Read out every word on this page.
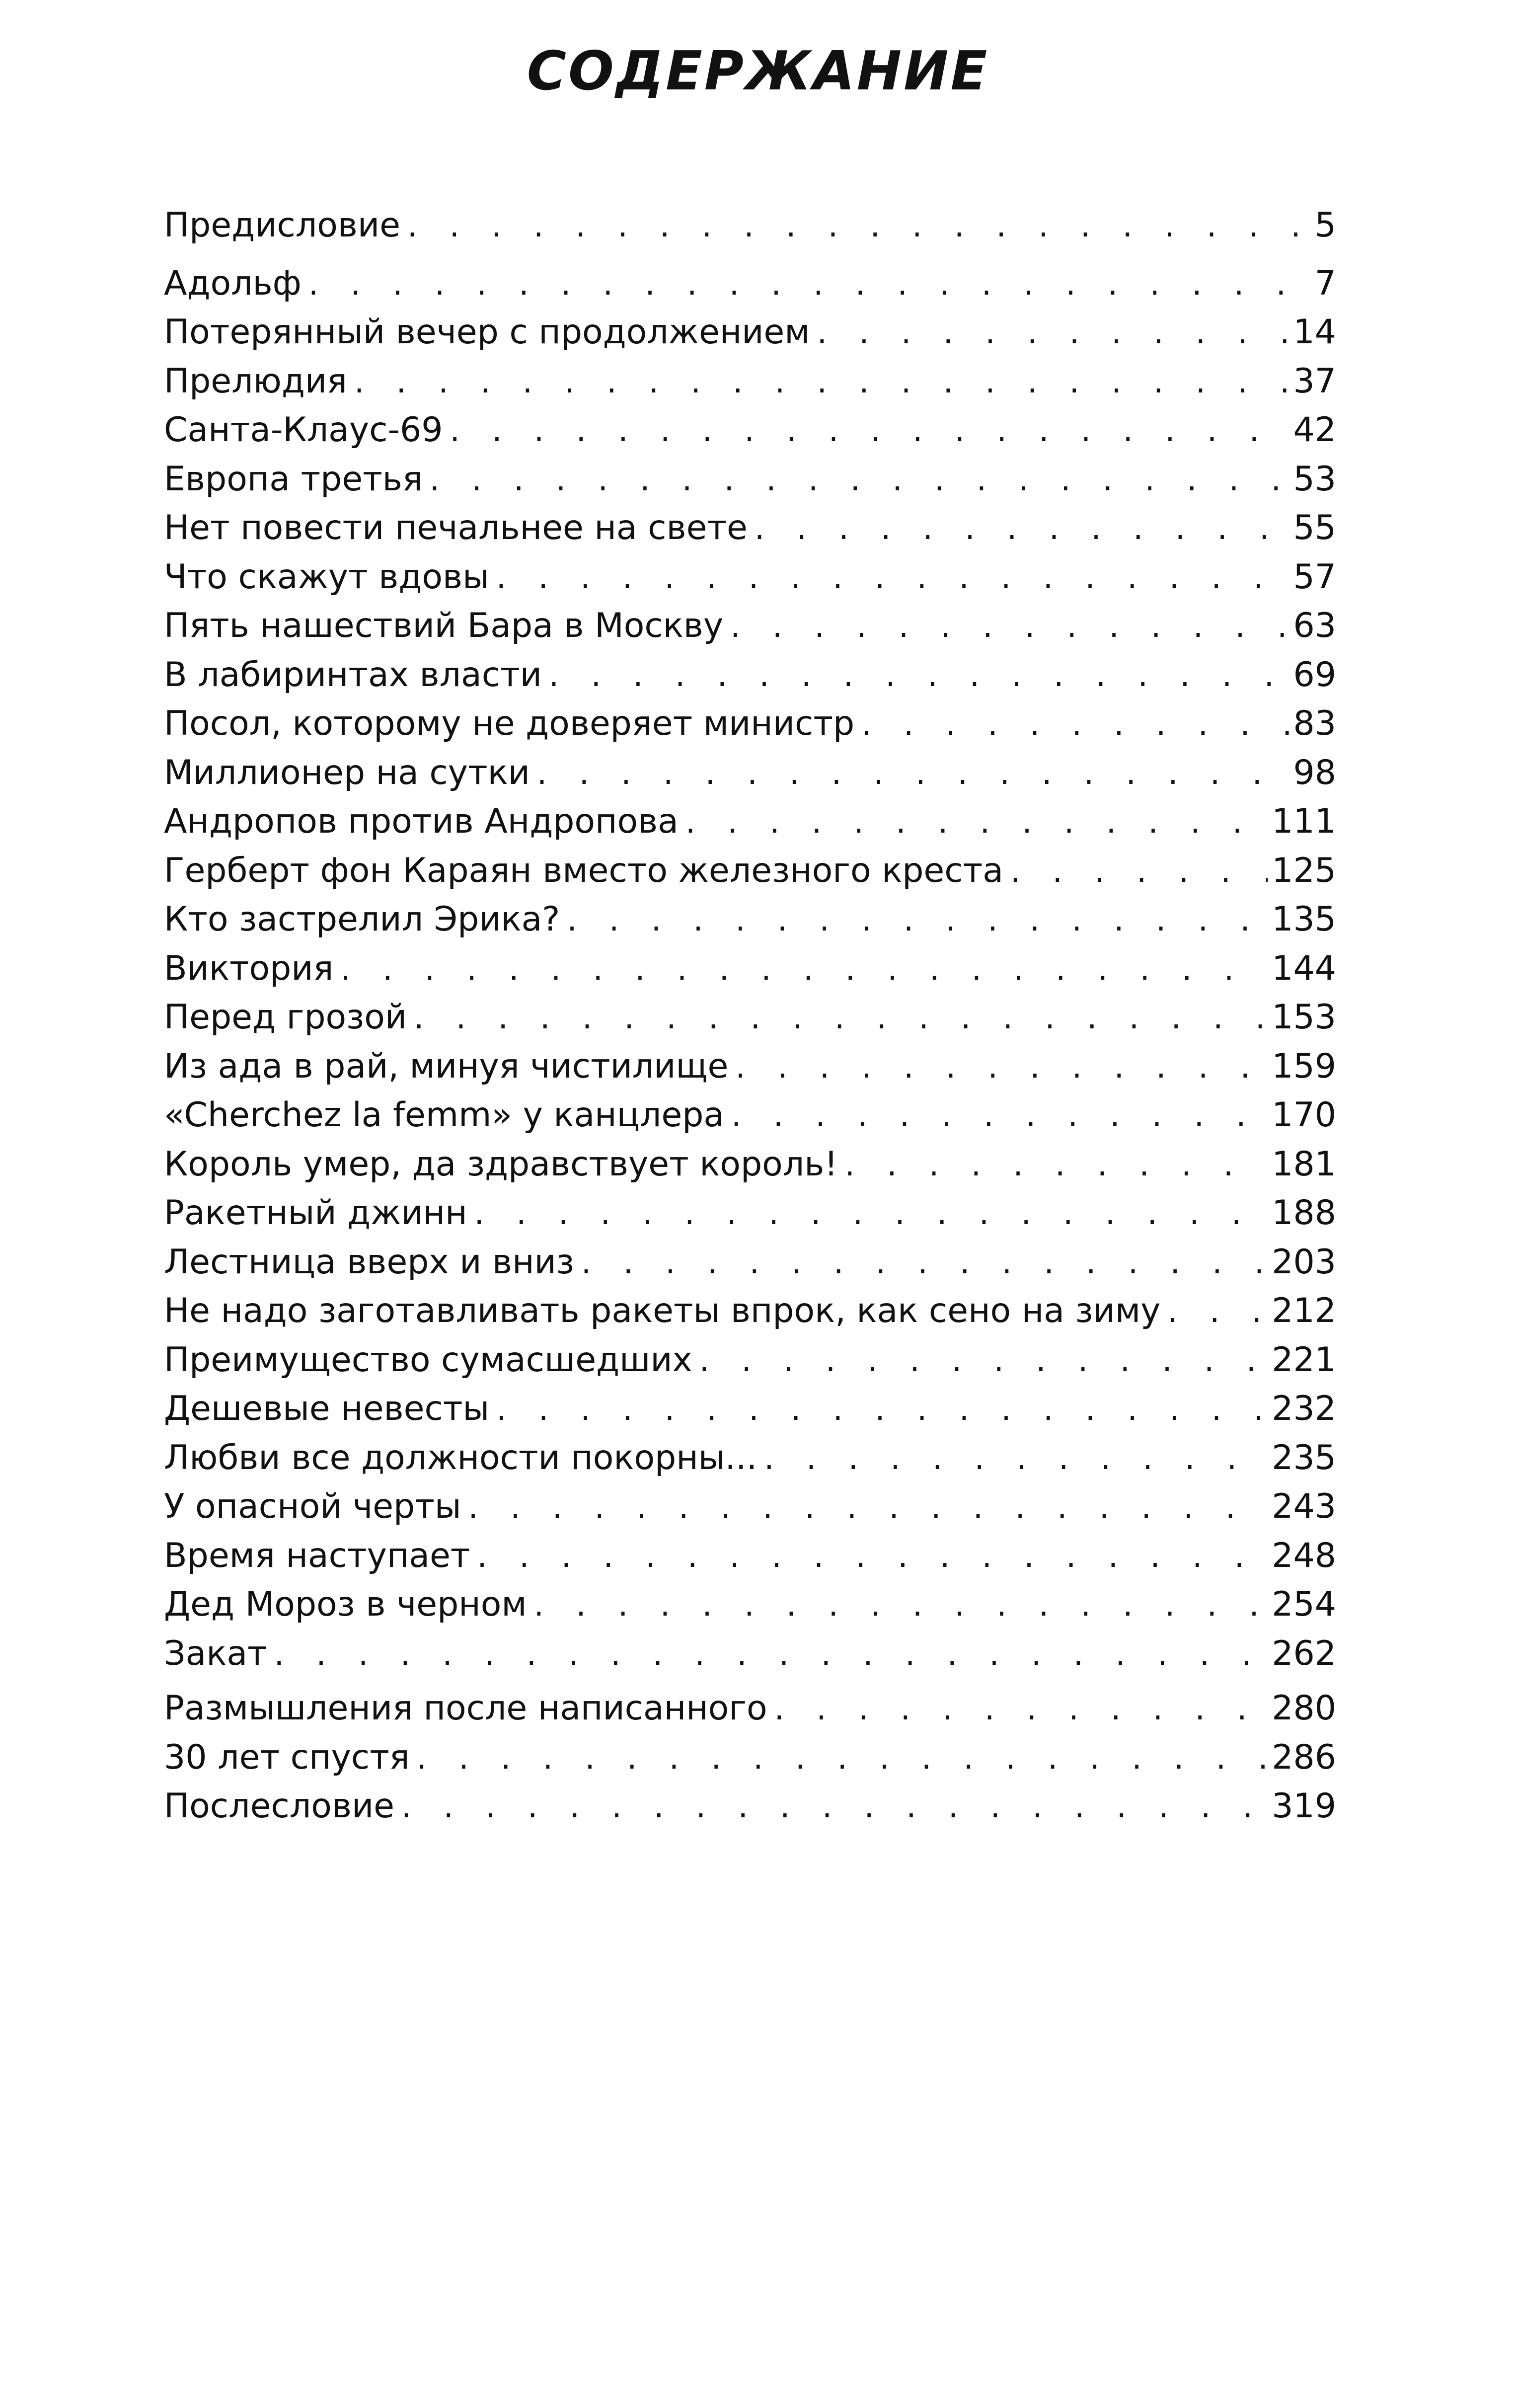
СОДЕРЖАНИЕ
Предисловие . . .	5
Адольф . . .	7
Потерянный вечер с продолжением . . .	14
Прелюдия . . .	37
Санта-Клаус-69 . . .	42
Европа третья . . .	53
Нет повести печальнее на свете . . .	55
Что скажут вдовы . . .	57
Пять нашествий Бара в Москву . . .	63
В лабиринтах власти . . .	69
Посол, которому не доверяет министр . . .	83
Миллионер на сутки . . .	98
Андропов против Андропова . . .	111
Герберт фон Караян вместо железного креста . . .	125
Кто застрелил Эрика? . . .	135
Виктория . . .	144
Перед грозой . . .	153
Из ада в рай, минуя чистилище . . .	159
«Cherchez la femm» у канцлера . . .	170
Король умер, да здравствует король! . . .	181
Ракетный джинн . . .	188
Лестница вверх и вниз . . .	203
Не надо заготавливать ракеты впрок, как сено на зиму . . .	212
Преимущество сумасшедших . . .	221
Дешевые невесты . . .	232
Любви все должности покорны... . . .	235
У опасной черты . . .	243
Время наступает . . .	248
Дед Мороз в черном . . .	254
Закат . . .	262
Размышления после написанного . . .	280
30 лет спустя . . .	286
Послесловие . . .	319
